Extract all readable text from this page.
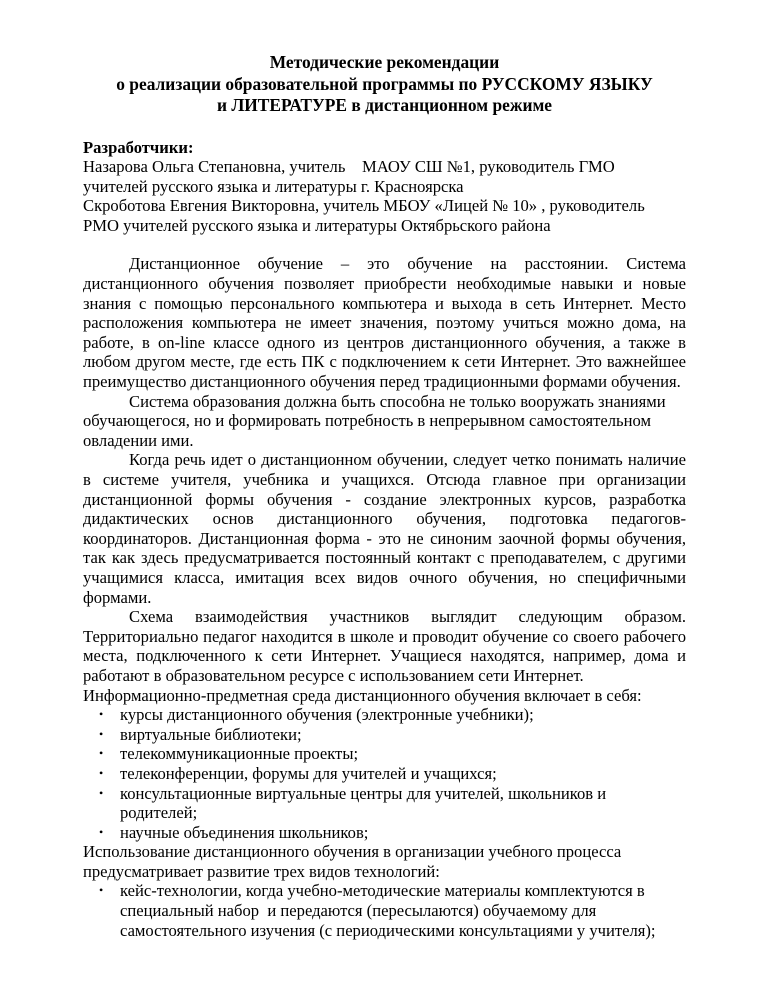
Методические рекомендации
о реализации образовательной программы по РУССКОМУ ЯЗЫКУ
и ЛИТЕРАТУРЕ в дистанционном режиме
Разработчики:
Назарова Ольга Степановна, учитель    МАОУ СШ №1, руководитель ГМО
учителей русского языка и литературы г. Красноярска
Скроботова Евгения Викторовна, учитель МБОУ «Лицей № 10» , руководитель
РМО учителей русского языка и литературы Октябрьского района

Дистанционное обучение – это обучение на расстоянии. Система дистанционного обучения позволяет приобрести необходимые навыки и новые знания с помощью персонального компьютера и выхода в сеть Интернет. Место расположения компьютера не имеет значения, поэтому учиться можно дома, на работе, в on-line классе одного из центров дистанционного обучения, а также в любом другом месте, где есть ПК с подключением к сети Интернет. Это важнейшее преимущество дистанционного обучения перед традиционными формами обучения.

Система образования должна быть способна не только вооружать знаниями
обучающегося, но и формировать потребность в непрерывном самостоятельном
овладении ими.

Когда речь идет о дистанционном обучении, следует четко понимать наличие в системе учителя, учебника и учащихся. Отсюда главное при организации дистанционной формы обучения - создание электронных курсов, разработка дидактических основ дистанционного обучения, подготовка педагогов-координаторов. Дистанционная форма - это не синоним заочной формы обучения, так как здесь предусматривается постоянный контакт с преподавателем, с другими учащимися класса, имитация всех видов очного обучения, но специфичными формами.

Схема взаимодействия участников выглядит следующим образом. Территориально педагог находится в школе и проводит обучение со своего рабочего места, подключенного к сети Интернет. Учащиеся находятся, например, дома и работают в образовательном ресурсе с использованием сети Интернет.

Информационно-предметная среда дистанционного обучения включает в себя:

• курсы дистанционного обучения (электронные учебники);
• виртуальные библиотеки;
• телекоммуникационные проекты;
• телеконференции, форумы для учителей и учащихся;
• консультационные виртуальные центры для учителей, школьников и родителей;
• научные объединения школьников;
Использование дистанционного обучения в организации учебного процесса
предусматривает развитие трех видов технологий:
• кейс-технологии, когда учебно-методические материалы комплектуются в специальный набор  и передаются (пересылаются) обучаемому для самостоятельного изучения (с периодическими консультациями у учителя);
